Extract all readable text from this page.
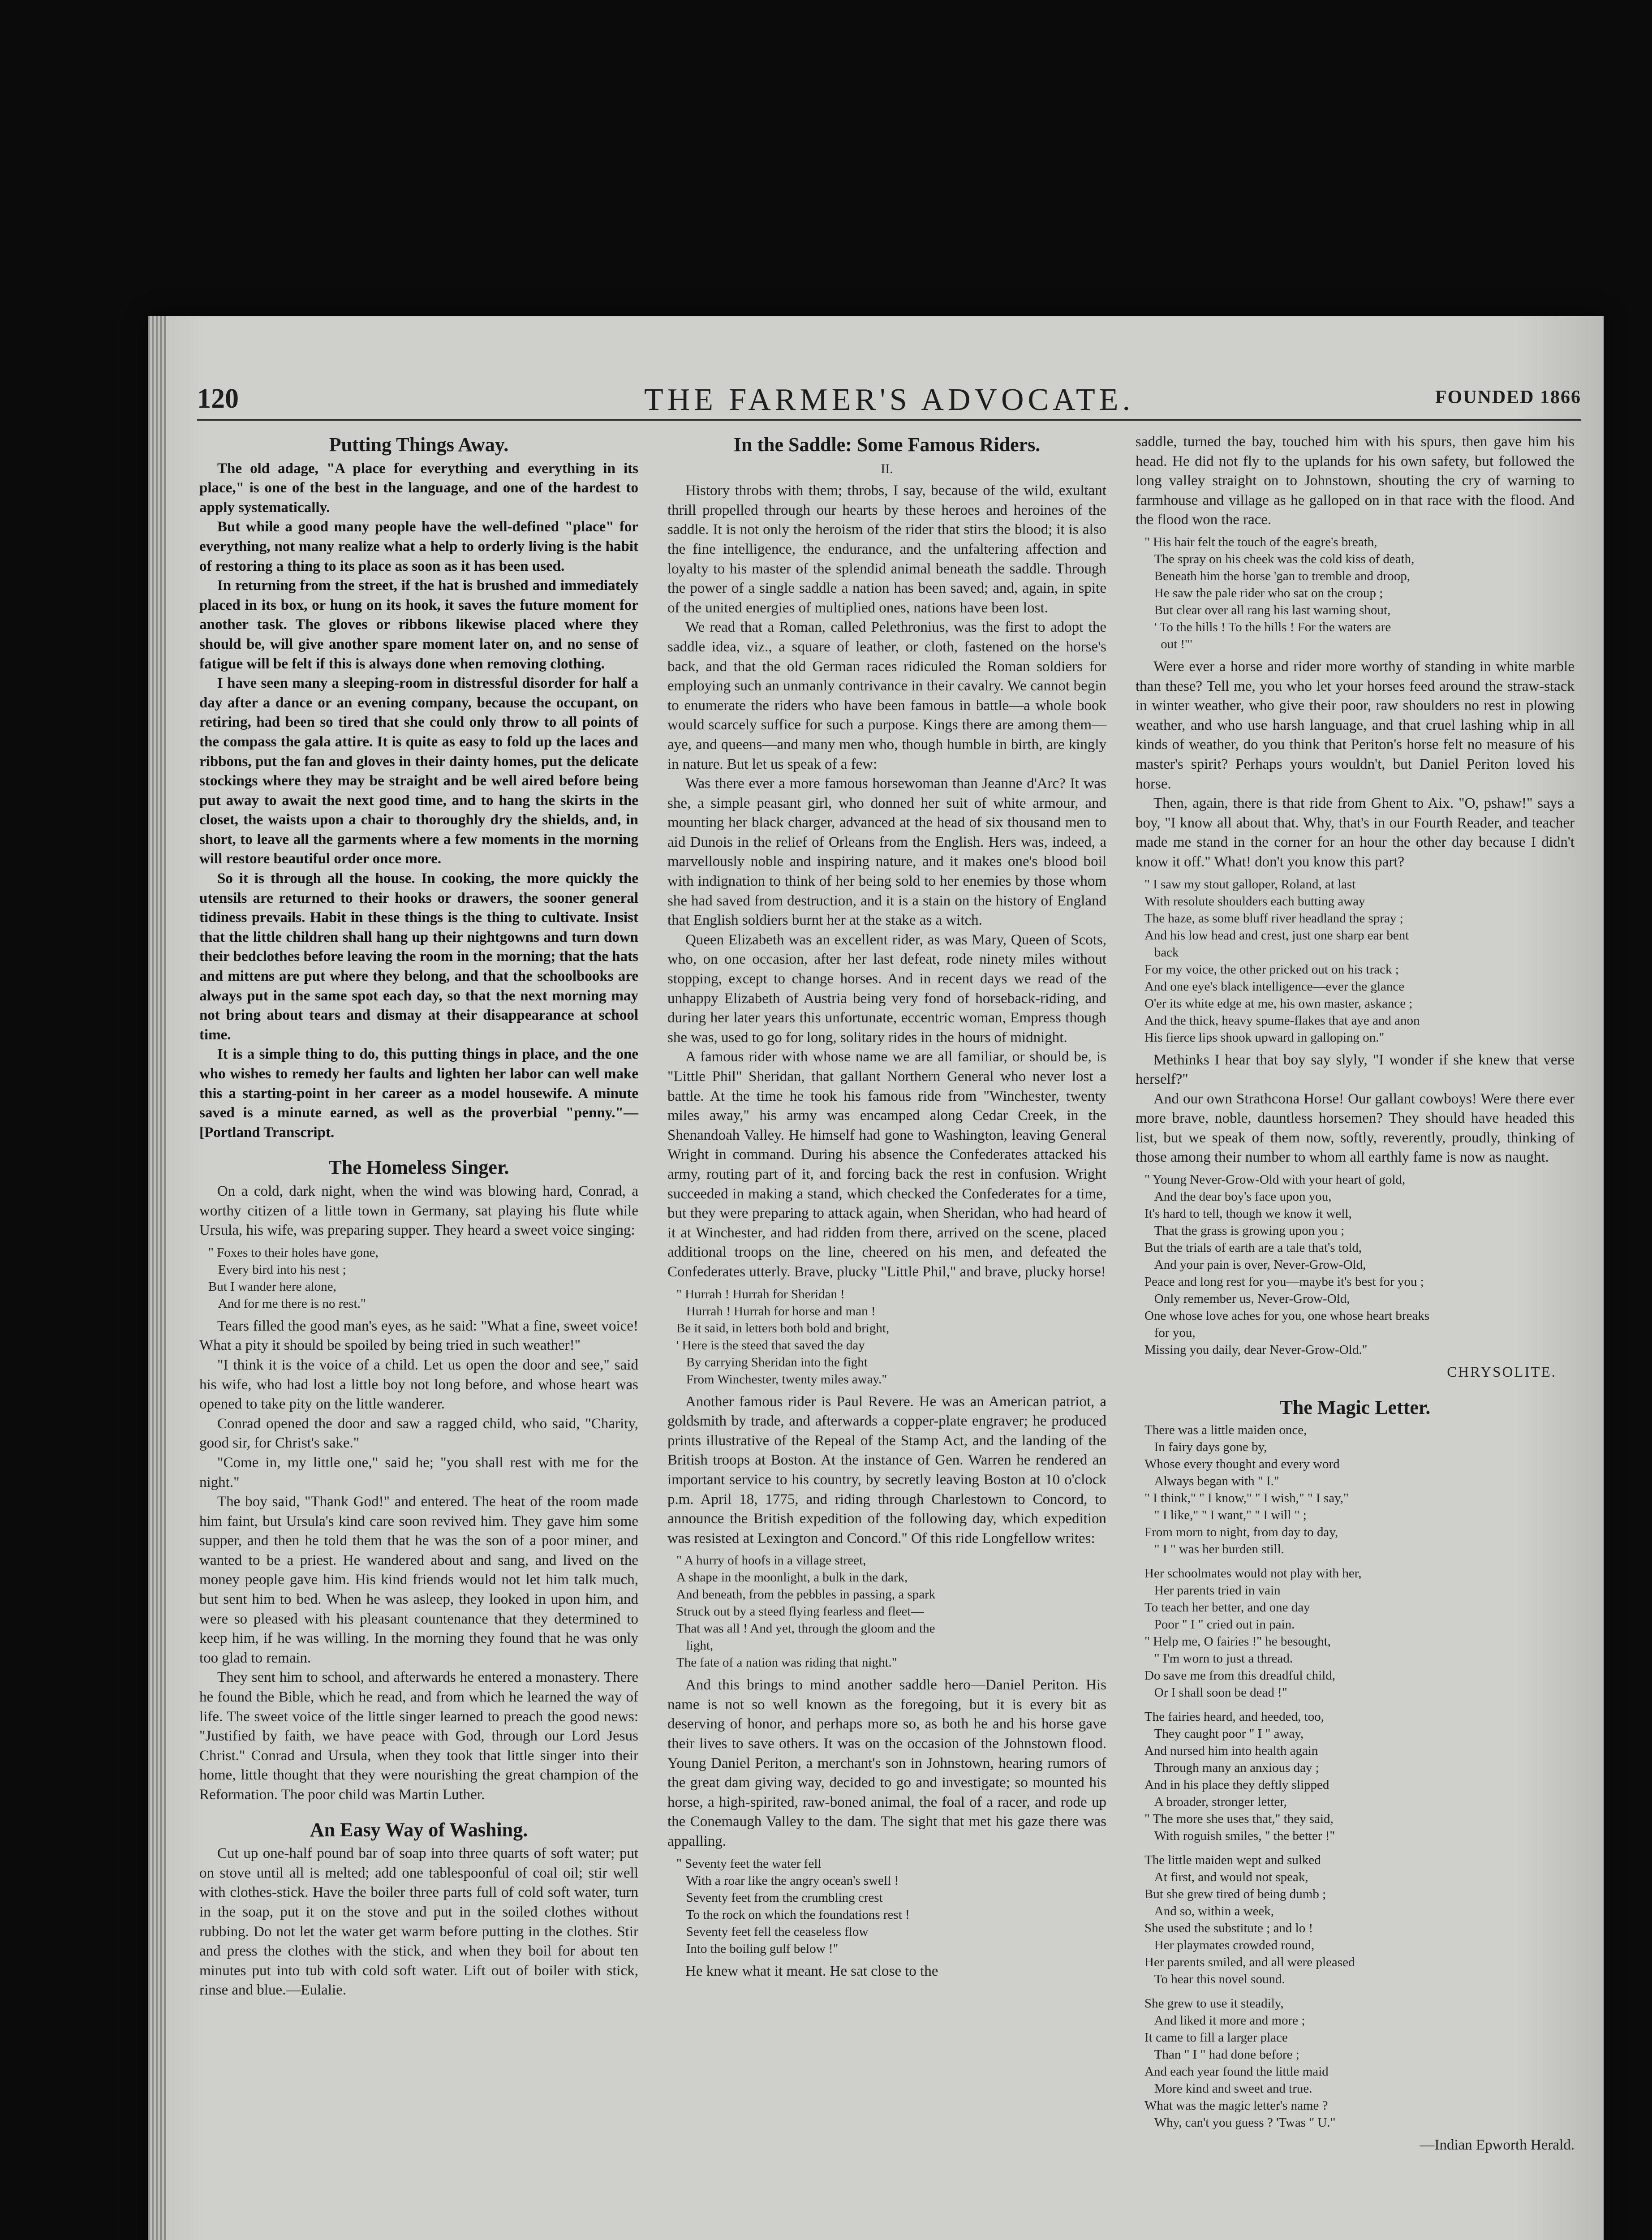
120	THE FARMER'S ADVOCATE.	FOUNDED 1866
Putting Things Away.

The old adage, "A place for everything and everything in its place," is one of the best in the language, and one of the hardest to apply systematically.

But while a good many people have the well-defined "place" for everything, not many realize what a help to orderly living is the habit of restoring a thing to its place as soon as it has been used.

In returning from the street, if the hat is brushed and immediately placed in its box, or hung on its hook, it saves the future moment for another task. The gloves or ribbons likewise placed where they should be, will give another spare moment later on, and no sense of fatigue will be felt if this is always done when removing clothing.

I have seen many a sleeping-room in distressful disorder for half a day after a dance or an evening company, because the occupant, on retiring, had been so tired that she could only throw to all points of the compass the gala attire. It is quite as easy to fold up the laces and ribbons, put the fan and gloves in their dainty homes, put the delicate stockings where they may be straight and be well aired before being put away to await the next good time, and to hang the skirts in the closet, the waists upon a chair to thoroughly dry the shields, and, in short, to leave all the garments where a few moments in the morning will restore beautiful order once more.

So it is through all the house. In cooking, the more quickly the utensils are returned to their hooks or drawers, the sooner general tidiness prevails. Habit in these things is the thing to cultivate. Insist that the little children shall hang up their nightgowns and turn down their bedclothes before leaving the room in the morning; that the hats and mittens are put where they belong, and that the schoolbooks are always put in the same spot each day, so that the next morning may not bring about tears and dismay at their disappearance at school time.

It is a simple thing to do, this putting things in place, and the one who wishes to remedy her faults and lighten her labor can well make this a starting-point in her career as a model housewife. A minute saved is a minute earned, as well as the proverbial "penny."—[Portland Transcript.

The Homeless Singer.

On a cold, dark night, when the wind was blowing hard, Conrad, a worthy citizen of a little town in Germany, sat playing his flute while Ursula, his wife, was preparing supper. They heard a sweet voice singing:

" Foxes to their holes have gone,
Every bird into his nest ;
But I wander here alone,
And for me there is no rest."

Tears filled the good man's eyes, as he said: "What a fine, sweet voice! What a pity it should be spoiled by being tried in such weather!"

"I think it is the voice of a child. Let us open the door and see," said his wife, who had lost a little boy not long before, and whose heart was opened to take pity on the little wanderer.

Conrad opened the door and saw a ragged child, who said, "Charity, good sir, for Christ's sake."

"Come in, my little one," said he; "you shall rest with me for the night."

The boy said, "Thank God!" and entered. The heat of the room made him faint, but Ursula's kind care soon revived him. They gave him some supper, and then he told them that he was the son of a poor miner, and wanted to be a priest. He wandered about and sang, and lived on the money people gave him. His kind friends would not let him talk much, but sent him to bed. When he was asleep, they looked in upon him, and were so pleased with his pleasant countenance that they determined to keep him, if he was willing. In the morning they found that he was only too glad to remain.

They sent him to school, and afterwards he entered a monastery. There he found the Bible, which he read, and from which he learned the way of life. The sweet voice of the little singer learned to preach the good news: "Justified by faith, we have peace with God, through our Lord Jesus Christ." Conrad and Ursula, when they took that little singer into their home, little thought that they were nourishing the great champion of the Reformation. The poor child was Martin Luther.

An Easy Way of Washing.

Cut up one-half pound bar of soap into three quarts of soft water; put on stove until all is melted; add one tablespoonful of coal oil; stir well with clothes-stick. Have the boiler three parts full of cold soft water, turn in the soap, put it on the stove and put in the soiled clothes without rubbing. Do not let the water get warm before putting in the clothes. Stir and press the clothes with the stick, and when they boil for about ten minutes put into tub with cold soft water. Lift out of boiler with stick, rinse and blue.—Eulalie.

In the Saddle: Some Famous Riders.
II.

History throbs with them; throbs, I say, because of the wild, exultant thrill propelled through our hearts by these heroes and heroines of the saddle. It is not only the heroism of the rider that stirs the blood; it is also the fine intelligence, the endurance, and the unfaltering affection and loyalty to his master of the splendid animal beneath the saddle. Through the power of a single saddle a nation has been saved; and, again, in spite of the united energies of multiplied ones, nations have been lost.

We read that a Roman, called Pelethronius, was the first to adopt the saddle idea, viz., a square of leather, or cloth, fastened on the horse's back, and that the old German races ridiculed the Roman soldiers for employing such an unmanly contrivance in their cavalry. We cannot begin to enumerate the riders who have been famous in battle—a whole book would scarcely suffice for such a purpose. Kings there are among them—aye, and queens—and many men who, though humble in birth, are kingly in nature. But let us speak of a few:

Was there ever a more famous horsewoman than Jeanne d'Arc? It was she, a simple peasant girl, who donned her suit of white armour, and mounting her black charger, advanced at the head of six thousand men to aid Dunois in the relief of Orleans from the English. Hers was, indeed, a marvellously noble and inspiring nature, and it makes one's blood boil with indignation to think of her being sold to her enemies by those whom she had saved from destruction, and it is a stain on the history of England that English soldiers burnt her at the stake as a witch.

Queen Elizabeth was an excellent rider, as was Mary, Queen of Scots, who, on one occasion, after her last defeat, rode ninety miles without stopping, except to change horses. And in recent days we read of the unhappy Elizabeth of Austria being very fond of horseback-riding, and during her later years this unfortunate, eccentric woman, Empress though she was, used to go for long, solitary rides in the hours of midnight.

A famous rider with whose name we are all familiar, or should be, is "Little Phil" Sheridan, that gallant Northern General who never lost a battle. At the time he took his famous ride from "Winchester, twenty miles away," his army was encamped along Cedar Creek, in the Shenandoah Valley. He himself had gone to Washington, leaving General Wright in command. During his absence the Confederates attacked his army, routing part of it, and forcing back the rest in confusion. Wright succeeded in making a stand, which checked the Confederates for a time, but they were preparing to attack again, when Sheridan, who had heard of it at Winchester, and had ridden from there, arrived on the scene, placed additional troops on the line, cheered on his men, and defeated the Confederates utterly. Brave, plucky "Little Phil," and brave, plucky horse!

" Hurrah ! Hurrah for Sheridan !
Hurrah ! Hurrah for horse and man !
Be it said, in letters both bold and bright,
' Here is the steed that saved the day
By carrying Sheridan into the fight
From Winchester, twenty miles away."

Another famous rider is Paul Revere. He was an American patriot, a goldsmith by trade, and afterwards a copper-plate engraver; he produced prints illustrative of the Repeal of the Stamp Act, and the landing of the British troops at Boston. At the instance of Gen. Warren he rendered an important service to his country, by secretly leaving Boston at 10 o'clock p.m. April 18, 1775, and riding through Charlestown to Concord, to announce the British expedition of the following day, which expedition was resisted at Lexington and Concord." Of this ride Longfellow writes:

" A hurry of hoofs in a village street,
A shape in the moonlight, a bulk in the dark,
And beneath, from the pebbles in passing, a spark
Struck out by a steed flying fearless and fleet—
That was all ! And yet, through the gloom and the
light,
The fate of a nation was riding that night."

And this brings to mind another saddle hero—Daniel Periton. His name is not so well known as the foregoing, but it is every bit as deserving of honor, and perhaps more so, as both he and his horse gave their lives to save others. It was on the occasion of the Johnstown flood. Young Daniel Periton, a merchant's son in Johnstown, hearing rumors of the great dam giving way, decided to go and investigate; so mounted his horse, a high-spirited, raw-boned animal, the foal of a racer, and rode up the Conemaugh Valley to the dam. The sight that met his gaze there was appalling.

" Seventy feet the water fell
With a roar like the angry ocean's swell !
Seventy feet from the crumbling crest
To the rock on which the foundations rest !
Seventy feet fell the ceaseless flow
Into the boiling gulf below !"

He knew what it meant. He sat close to the

saddle, turned the bay, touched him with his spurs, then gave him his head. He did not fly to the uplands for his own safety, but followed the long valley straight on to Johnstown, shouting the cry of warning to farmhouse and village as he galloped on in that race with the flood. And the flood won the race.

" His hair felt the touch of the eagre's breath,
The spray on his cheek was the cold kiss of death,
Beneath him the horse 'gan to tremble and droop,
He saw the pale rider who sat on the croup ;
But clear over all rang his last warning shout,
' To the hills ! To the hills ! For the waters are
out !'"

Were ever a horse and rider more worthy of standing in white marble than these? Tell me, you who let your horses feed around the straw-stack in winter weather, who give their poor, raw shoulders no rest in plowing weather, and who use harsh language, and that cruel lashing whip in all kinds of weather, do you think that Periton's horse felt no measure of his master's spirit? Perhaps yours wouldn't, but Daniel Periton loved his horse.

Then, again, there is that ride from Ghent to Aix. "O, pshaw!" says a boy, "I know all about that. Why, that's in our Fourth Reader, and teacher made me stand in the corner for an hour the other day because I didn't know it off." What! don't you know this part?

" I saw my stout galloper, Roland, at last
With resolute shoulders each butting away
The haze, as some bluff river headland the spray ;
And his low head and crest, just one sharp ear bent
back
For my voice, the other pricked out on his track ;
And one eye's black intelligence—ever the glance
O'er its white edge at me, his own master, askance ;
And the thick, heavy spume-flakes that aye and anon
His fierce lips shook upward in galloping on."

Methinks I hear that boy say slyly, "I wonder if she knew that verse herself?"

And our own Strathcona Horse! Our gallant cowboys! Were there ever more brave, noble, dauntless horsemen? They should have headed this list, but we speak of them now, softly, reverently, proudly, thinking of those among their number to whom all earthly fame is now as naught.

" Young Never-Grow-Old with your heart of gold,
And the dear boy's face upon you,
It's hard to tell, though we know it well,
That the grass is growing upon you ;
But the trials of earth are a tale that's told,
And your pain is over, Never-Grow-Old,
Peace and long rest for you—maybe it's best for you ;
Only remember us, Never-Grow-Old,
One whose love aches for you, one whose heart breaks
for you,
Missing you daily, dear Never-Grow-Old."
CHRYSOLITE.
The Magic Letter.
There was a little maiden once,
In fairy days gone by,
Whose every thought and every word
Always began with " I."
" I think," " I know," " I wish," " I say,"
" I like," " I want," " I will " ;
From morn to night, from day to day,
" I " was her burden still.
Her schoolmates would not play with her,
Her parents tried in vain
To teach her better, and one day
Poor " I " cried out in pain.
" Help me, O fairies !" he besought,
" I'm worn to just a thread.
Do save me from this dreadful child,
Or I shall soon be dead !"
The fairies heard, and heeded, too,
They caught poor " I " away,
And nursed him into health again
Through many an anxious day ;
And in his place they deftly slipped
A broader, stronger letter,
" The more she uses that," they said,
With roguish smiles, " the better !"
The little maiden wept and sulked
At first, and would not speak,
But she grew tired of being dumb ;
And so, within a week,
She used the substitute ; and lo !
Her playmates crowded round,
Her parents smiled, and all were pleased
To hear this novel sound.
She grew to use it steadily,
And liked it more and more ;
It came to fill a larger place
Than " I " had done before ;
And each year found the little maid
More kind and sweet and true.
What was the magic letter's name ?
Why, can't you guess ? 'Twas " U."
—Indian Epworth Herald.
